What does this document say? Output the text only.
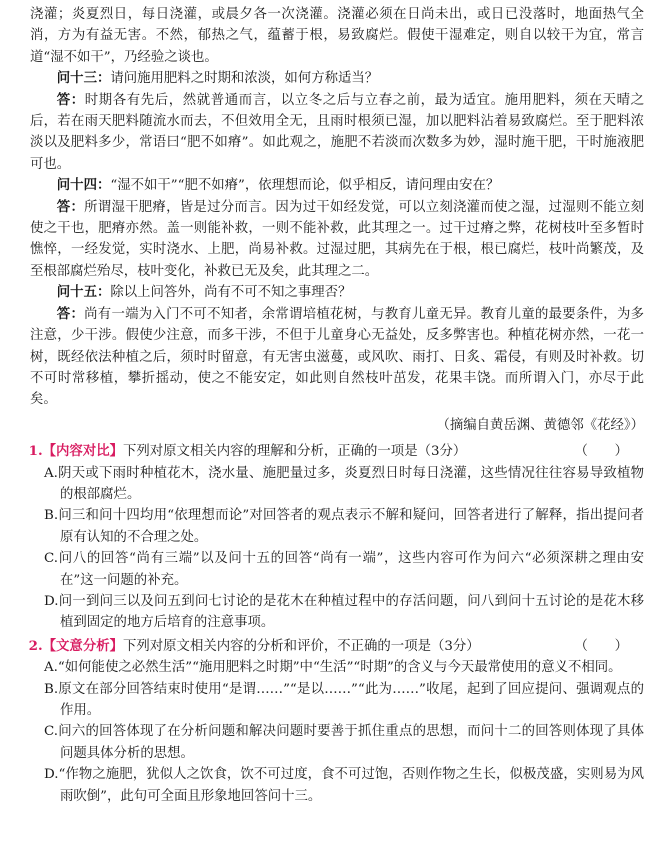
浇灌；炎夏烈日，每日浇灌，或晨夕各一次浇灌。浇灌必须在日尚未出，或日已没落时，地面热气全消，方为有益无害。不然，郁热之气，蕴蓄于根，易致腐烂。假使干湿难定，则自以较干为宜，常言道“湿不如干”，乃经验之谈也。

问十三：请问施用肥料之时期和浓淡，如何方称适当？

答：时期各有先后，然就普通而言，以立冬之后与立春之前，最为适宜。施用肥料，须在天晴之后，若在雨天肥料随流水而去，不但效用全无，且雨时根须已湿，加以肥料沾着易致腐烂。至于肥料浓淡以及肥料多少，常语曰“肥不如瘠”。如此观之，施肥不若淡而次数多为妙，湿时施干肥，干时施液肥可也。

问十四：“湿不如干”“肥不如瘠”，依理想而论，似乎相反，请问理由安在？

答：所谓湿干肥瘠，皆是过分而言。因为过干如经发觉，可以立刻浇灌而使之湿，过湿则不能立刻使之干也，肥瘠亦然。盖一则能补救，一则不能补救，此其理之一。过干过瘠之弊，花树枝叶至多暂时憔悴，一经发觉，实时浇水、上肥，尚易补救。过湿过肥，其病先在于根，根已腐烂，枝叶尚繁茂，及至根部腐烂殆尽，枝叶变化，补救已无及矣，此其理之二。

问十五：除以上问答外，尚有不可不知之事理否？

答：尚有一端为入门不可不知者，余常谓培植花树，与教育儿童无异。教育儿童的最要条件，为多注意，少干涉。假使少注意，而多干涉，不但于儿童身心无益处，反多弊害也。种植花树亦然，一花一树，既经依法种植之后，须时时留意，有无害虫滋蔓，或风吹、雨打、日炙、霜侵，有则及时补救。切不可时常移植，攀折摇动，使之不能安定，如此则自然枝叶茁发，花果丰饶。而所谓入门，亦尽于此矣。

（摘编自黄岳渊、黄德邻《花经》）

1.【内容对比】下列对原文相关内容的理解和分析，正确的一项是（3分）	（　　）

A.阴天或下雨时种植花木，浇水量、施肥量过多，炎夏烈日时每日浇灌，这些情况往往容易导致植物的根部腐烂。

B.问三和问十四均用“依理想而论”对回答者的观点表示不解和疑问，回答者进行了解释，指出提问者原有认知的不合理之处。

C.问八的回答“尚有三端”以及问十五的回答“尚有一端”，这些内容可作为问六“必须深耕之理由安在”这一问题的补充。

D.问一到问三以及问五到问七讨论的是花木在种植过程中的存活问题，问八到问十五讨论的是花木移植到固定的地方后培育的注意事项。

2.【文意分析】下列对原文相关内容的分析和评价，不正确的一项是（3分）	（　　）

A.“如何能使之必然生活”“施用肥料之时期”中“生活”“时期”的含义与今天最常使用的意义不相同。

B.原文在部分回答结束时使用“是谓……”“是以……”“此为……”收尾，起到了回应提问、强调观点的作用。

C.问六的回答体现了在分析问题和解决问题时要善于抓住重点的思想，而问十二的回答则体现了具体问题具体分析的思想。

D.“作物之施肥，犹似人之饮食，饮不可过度，食不可过饱，否则作物之生长，似极茂盛，实则易为风雨吹倒”，此句可全面且形象地回答问十三。
